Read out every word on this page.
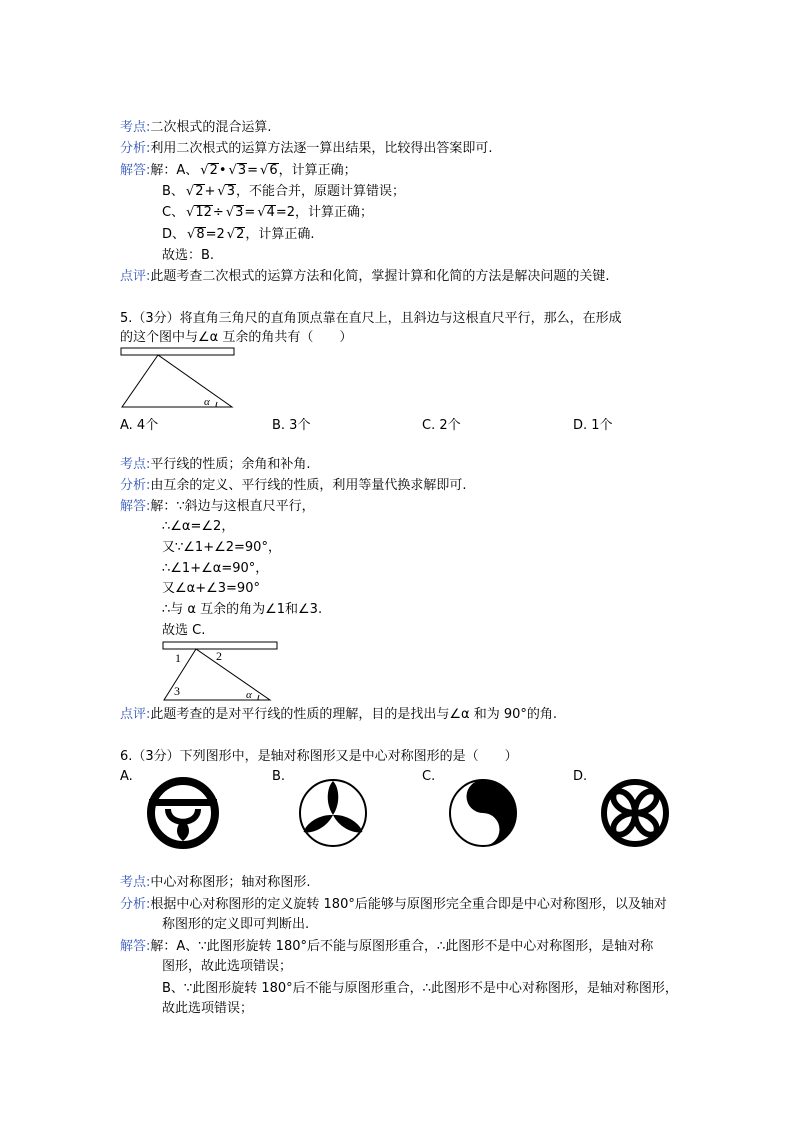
考点:二次根式的混合运算.
分析:利用二次根式的运算方法逐一算出结果，比较得出答案即可.
解答:解：A、 √ 2• √ 3= √ 6，计算正确；
B、 √ 2+ √ 3，不能合并，原题计算错误；
C、 √ 12÷ √ 3= √ 4=2，计算正确；
D、 √ 8=2 √ 2，计算正确.
故选：B.
点评:此题考查二次根式的运算方法和化简，掌握计算和化简的方法是解决问题的关键.
5.（3分）将直角三角尺的直角顶点靠在直尺上，且斜边与这根直尺平行，那么，在形成
的这个图中与∠α 互余的角共有（　　）
α
A. 4个	B. 3个	C. 2个	D. 1个
考点:平行线的性质；余角和补角.
分析:由互余的定义、平行线的性质，利用等量代换求解即可.
解答:解：∵斜边与这根直尺平行，
∴∠α=∠2，
又∵∠1+∠2=90°，
∴∠1+∠α=90°，
又∠α+∠3=90°
∴与 α 互余的角为∠1和∠3.
故选 C.
1	2
3	α
点评:此题考查的是对平行线的性质的理解，目的是找出与∠α 和为 90°的角.
6.（3分）下列图形中，是轴对称图形又是中心对称图形的是（　　）
A.	B.	C.	D.
考点:中心对称图形；轴对称图形.
分析:根据中心对称图形的定义旋转 180°后能够与原图形完全重合即是中心对称图形，以及轴对
称图形的定义即可判断出.
解答:解：A、∵此图形旋转 180°后不能与原图形重合，∴此图形不是中心对称图形，是轴对称
图形，故此选项错误；
B、∵此图形旋转 180°后不能与原图形重合，∴此图形不是中心对称图形，是轴对称图形，
故此选项错误；
